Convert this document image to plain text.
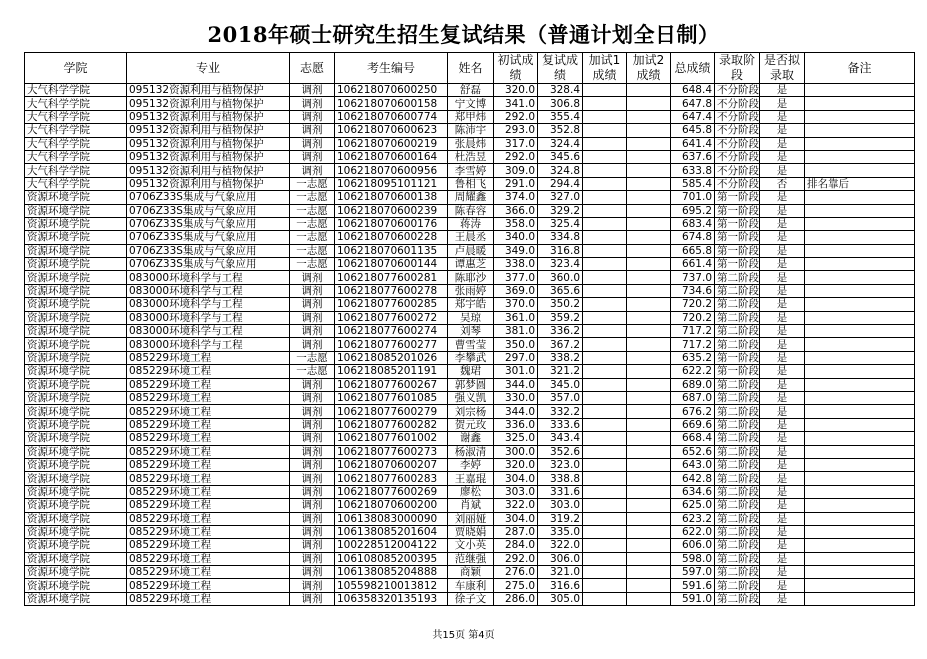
2018年硕士研究生招生复试结果（普通计划全日制）
学院	专业	志愿	考生编号	姓名	初试成绩	复试成绩	加试1成绩	加试2成绩	总成绩	录取阶段	是否拟录取	备注
大气科学学院	095132资源利用与植物保护	调剂	106218070600250	舒磊	320.0	328.4			648.4	不分阶段	是	
大气科学学院	095132资源利用与植物保护	调剂	106218070600158	宁文博	341.0	306.8			647.8	不分阶段	是	
大气科学学院	095132资源利用与植物保护	调剂	106218070600774	郑甲炜	292.0	355.4			647.4	不分阶段	是	
大气科学学院	095132资源利用与植物保护	调剂	106218070600623	陈沛宇	293.0	352.8			645.8	不分阶段	是	
大气科学学院	095132资源利用与植物保护	调剂	106218070600219	张晨炜	317.0	324.4			641.4	不分阶段	是	
大气科学学院	095132资源利用与植物保护	调剂	106218070600164	杜浩昱	292.0	345.6			637.6	不分阶段	是	
大气科学学院	095132资源利用与植物保护	调剂	106218070600956	李雪婷	309.0	324.8			633.8	不分阶段	是	
大气科学学院	095132资源利用与植物保护	一志愿	106218095101121	鲁相飞	291.0	294.4			585.4	不分阶段	否	排名靠后
资源环境学院	0706Z33S集成与气象应用	一志愿	106218070600138	周耀鑫	374.0	327.0			701.0	第一阶段	是	
资源环境学院	0706Z33S集成与气象应用	一志愿	106218070600239	陈春容	366.0	329.2			695.2	第一阶段	是	
资源环境学院	0706Z33S集成与气象应用	一志愿	106218070600176	蒋涛	358.0	325.4			683.4	第一阶段	是	
资源环境学院	0706Z33S集成与气象应用	一志愿	106218070600228	王晨丞	340.0	334.8			674.8	第一阶段	是	
资源环境学院	0706Z33S集成与气象应用	一志愿	106218070601135	卢晨暖	349.0	316.8			665.8	第一阶段	是	
资源环境学院	0706Z33S集成与气象应用	一志愿	106218070600144	谭惠芝	338.0	323.4			661.4	第一阶段	是	
资源环境学院	083000环境科学与工程	调剂	106218077600281	陈耶沙	377.0	360.0			737.0	第二阶段	是	
资源环境学院	083000环境科学与工程	调剂	106218077600278	张雨婷	369.0	365.6			734.6	第二阶段	是	
资源环境学院	083000环境科学与工程	调剂	106218077600285	郑宇皓	370.0	350.2			720.2	第二阶段	是	
资源环境学院	083000环境科学与工程	调剂	106218077600272	吴琼	361.0	359.2			720.2	第二阶段	是	
资源环境学院	083000环境科学与工程	调剂	106218077600274	刘琴	381.0	336.2			717.2	第二阶段	是	
资源环境学院	083000环境科学与工程	调剂	106218077600277	曹雪莹	350.0	367.2			717.2	第二阶段	是	
资源环境学院	085229环境工程	一志愿	106218085201026	李攀武	297.0	338.2			635.2	第一阶段	是	
资源环境学院	085229环境工程	一志愿	106218085201191	魏珺	301.0	321.2			622.2	第一阶段	是	
资源环境学院	085229环境工程	调剂	106218077600267	郭梦圆	344.0	345.0			689.0	第二阶段	是	
资源环境学院	085229环境工程	调剂	106218077601085	强义凯	330.0	357.0			687.0	第二阶段	是	
资源环境学院	085229环境工程	调剂	106218077600279	刘宗杨	344.0	332.2			676.2	第二阶段	是	
资源环境学院	085229环境工程	调剂	106218077600282	贺元玫	336.0	333.6			669.6	第二阶段	是	
资源环境学院	085229环境工程	调剂	106218077601002	谢鑫	325.0	343.4			668.4	第二阶段	是	
资源环境学院	085229环境工程	调剂	106218077600273	杨淑清	300.0	352.6			652.6	第二阶段	是	
资源环境学院	085229环境工程	调剂	106218070600207	李婷	320.0	323.0			643.0	第二阶段	是	
资源环境学院	085229环境工程	调剂	106218077600283	王嘉琨	304.0	338.8			642.8	第二阶段	是	
资源环境学院	085229环境工程	调剂	106218077600269	廖松	303.0	331.6			634.6	第二阶段	是	
资源环境学院	085229环境工程	调剂	106218070600200	肖斌	322.0	303.0			625.0	第二阶段	是	
资源环境学院	085229环境工程	调剂	106138083000090	刘丽娅	304.0	319.2			623.2	第二阶段	是	
资源环境学院	085229环境工程	调剂	106138085201604	贾晓娟	287.0	335.0			622.0	第二阶段	是	
资源环境学院	085229环境工程	调剂	100228512004122	文小英	284.0	322.0			606.0	第二阶段	是	
资源环境学院	085229环境工程	调剂	106108085200395	范继强	292.0	306.0			598.0	第二阶段	是	
资源环境学院	085229环境工程	调剂	106138085204888	商颖	276.0	321.0			597.0	第二阶段	是	
资源环境学院	085229环境工程	调剂	105598210013812	车康利	275.0	316.6			591.6	第二阶段	是	
资源环境学院	085229环境工程	调剂	106358320135193	徐子文	286.0	305.0			591.0	第二阶段	是	
共15页 第4页
